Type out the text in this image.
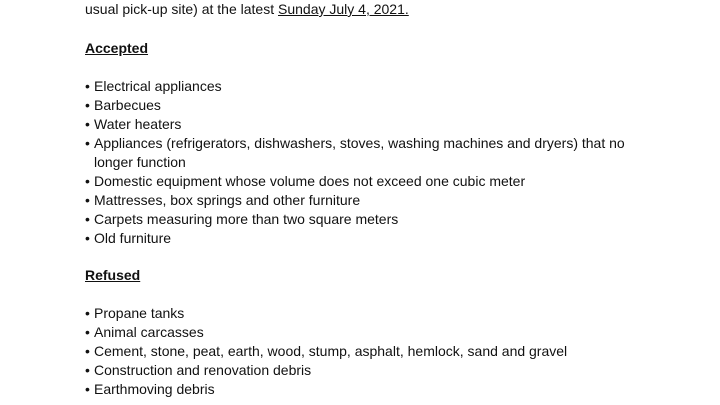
usual pick-up site) at the latest Sunday July 4, 2021.
Accepted
• Electrical appliances
• Barbecues
• Water heaters
• Appliances (refrigerators, dishwashers, stoves, washing machines and dryers) that no
longer function
• Domestic equipment whose volume does not exceed one cubic meter
• Mattresses, box springs and other furniture
• Carpets measuring more than two square meters
• Old furniture
Refused
• Propane tanks
• Animal carcasses
• Cement, stone, peat, earth, wood, stump, asphalt, hemlock, sand and gravel
• Construction and renovation debris
• Earthmoving debris
